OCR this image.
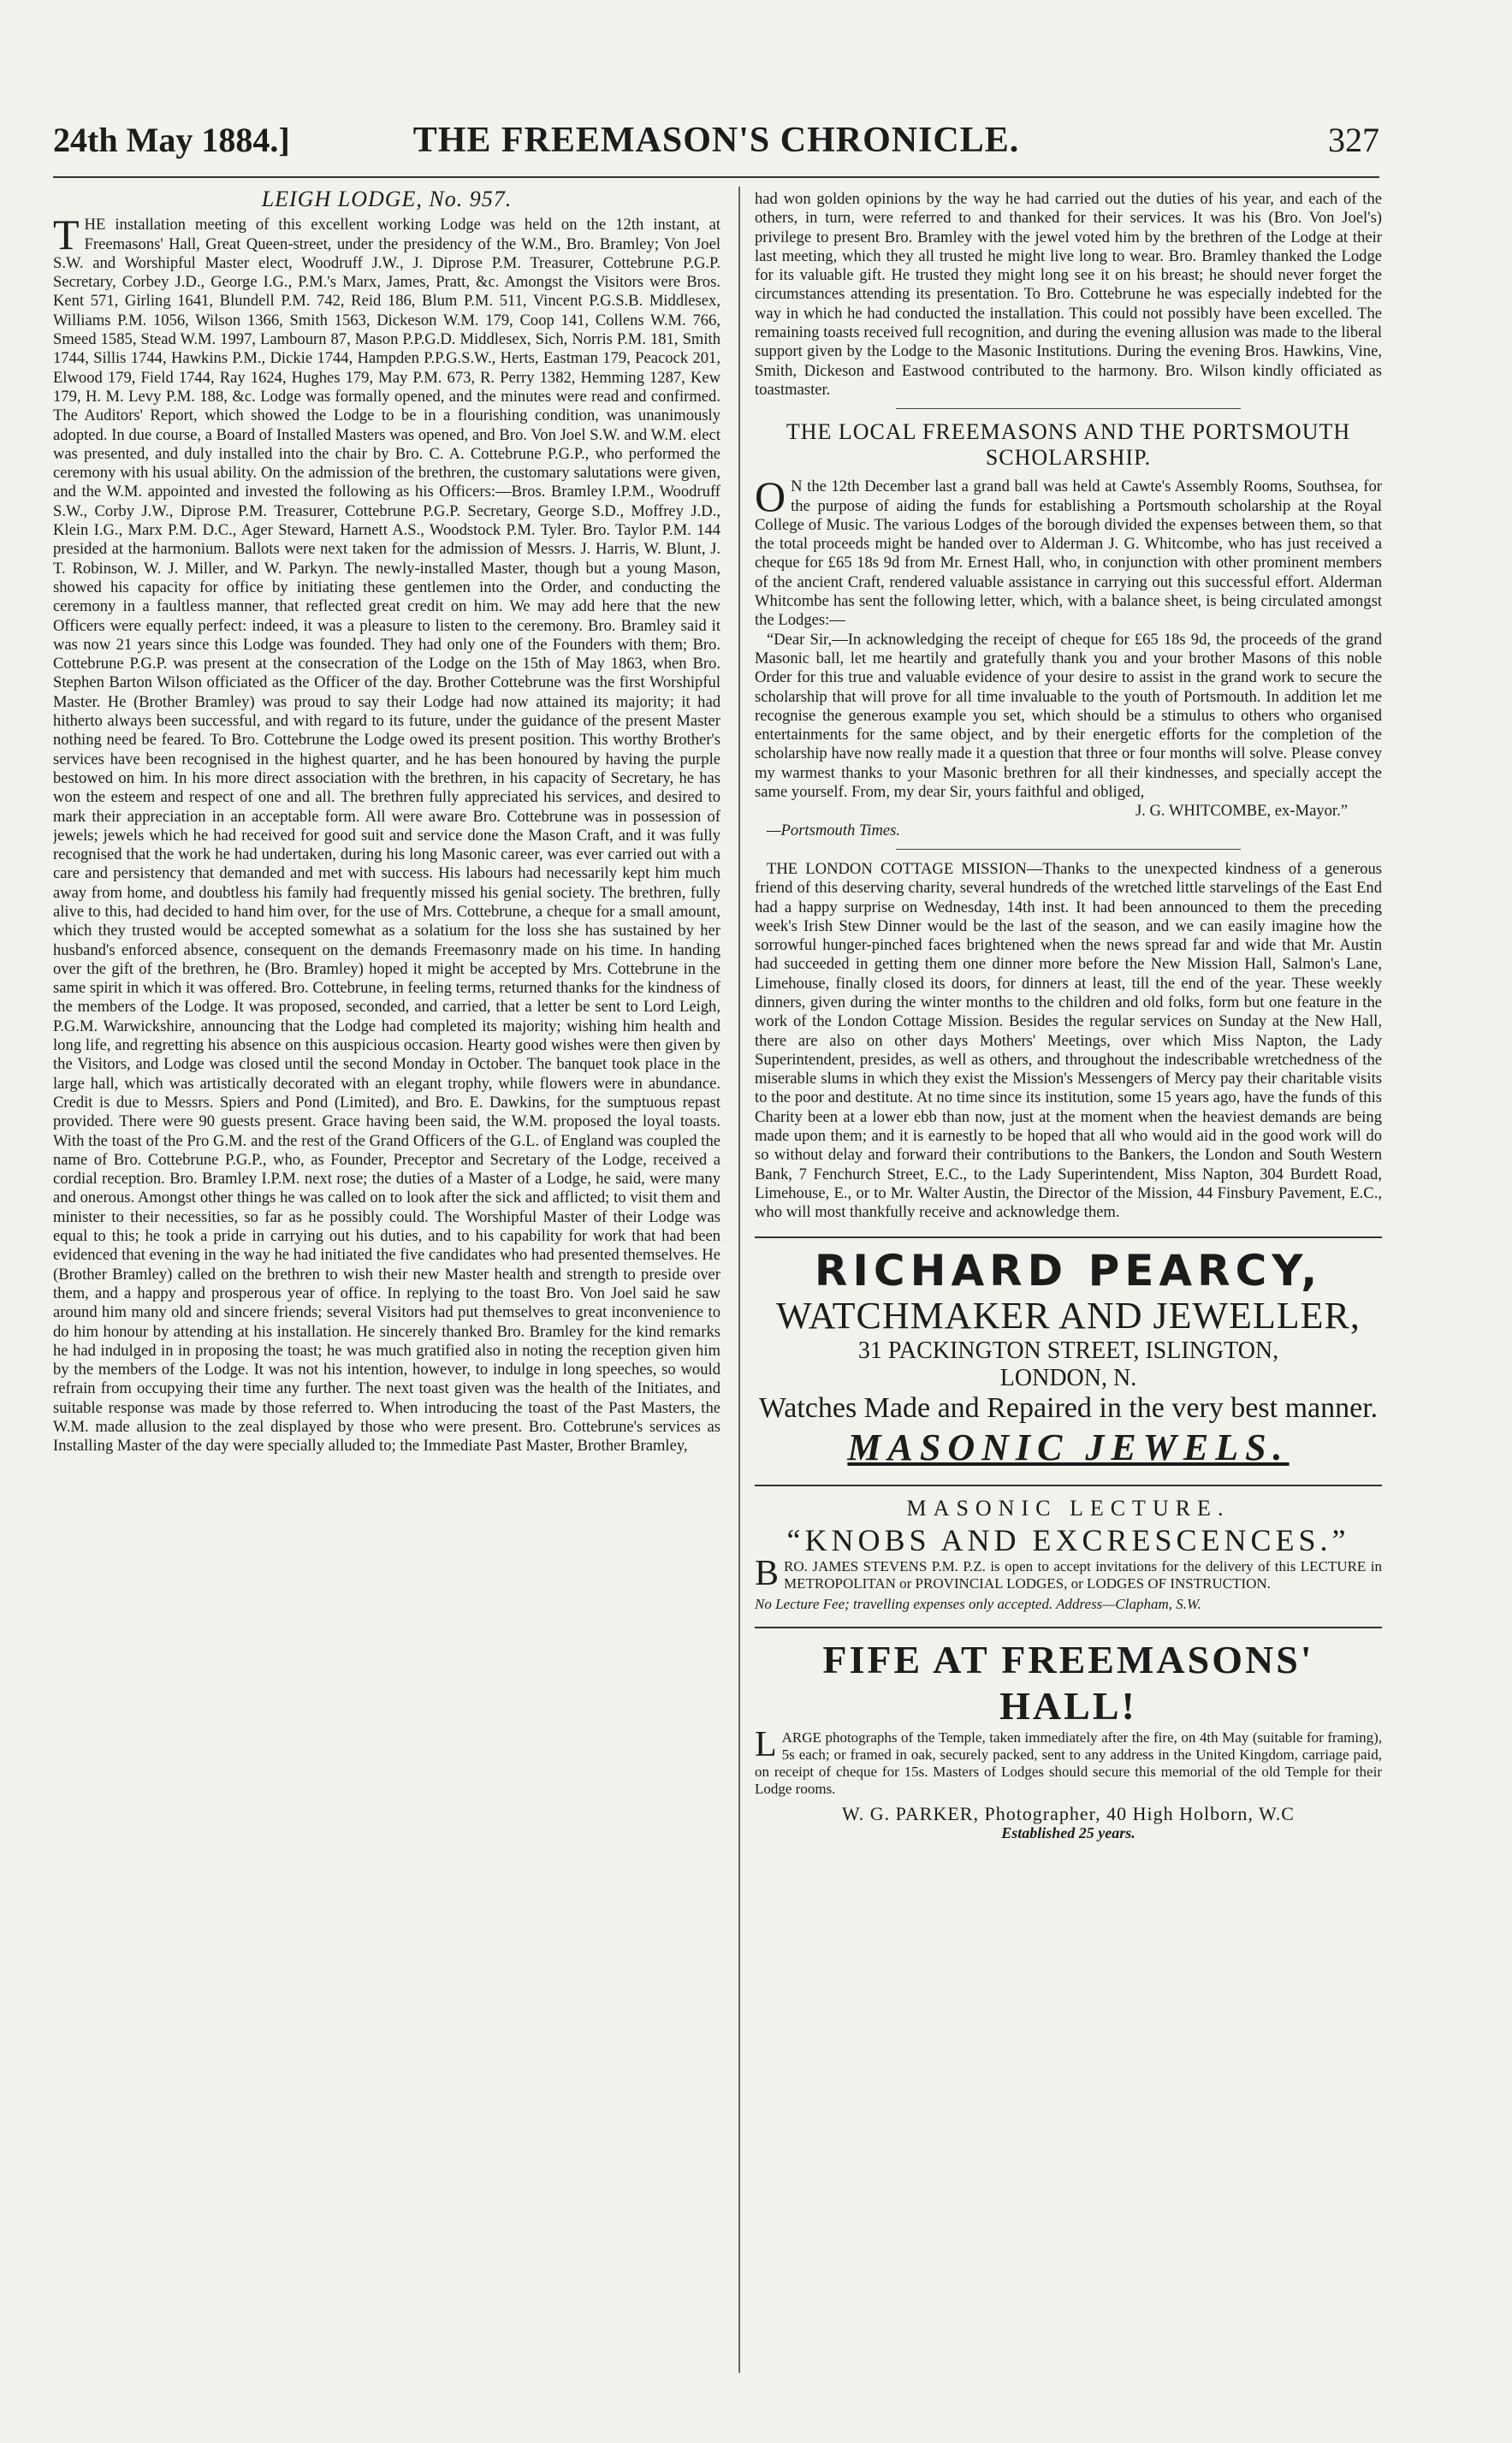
24th May 1884.]	THE FREEMASON'S CHRONICLE.	327
LEIGH LODGE, No. 957.

THE installation meeting of this excellent working Lodge was held on the 12th instant, at Freemasons' Hall, Great Queen-street, under the presidency of the W.M., Bro. Bramley; Von Joel S.W. and Worshipful Master elect, Woodruff J.W., J. Diprose P.M. Treasurer, Cottebrune P.G.P. Secretary, Corbey J.D., George I.G., P.M.'s Marx, James, Pratt, &c. Amongst the Visitors were Bros. Kent 571, Girling 1641, Blundell P.M. 742, Reid 186, Blum P.M. 511, Vincent P.G.S.B. Middlesex, Williams P.M. 1056, Wilson 1366, Smith 1563, Dickeson W.M. 179, Coop 141, Collens W.M. 766, Smeed 1585, Stead W.M. 1997, Lambourn 87, Mason P.P.G.D. Middlesex, Sich, Norris P.M. 181, Smith 1744, Sillis 1744, Hawkins P.M., Dickie 1744, Hampden P.P.G.S.W., Herts, Eastman 179, Peacock 201, Elwood 179, Field 1744, Ray 1624, Hughes 179, May P.M. 673, R. Perry 1382, Hemming 1287, Kew 179, H. M. Levy P.M. 188, &c. Lodge was formally opened, and the minutes were read and confirmed. The Auditors' Report, which showed the Lodge to be in a flourishing condition, was unanimously adopted. In due course, a Board of Installed Masters was opened, and Bro. Von Joel S.W. and W.M. elect was presented, and duly installed into the chair by Bro. C. A. Cottebrune P.G.P., who performed the ceremony with his usual ability. On the admission of the brethren, the customary salutations were given, and the W.M. appointed and invested the following as his Officers:—Bros. Bramley I.P.M., Woodruff S.W., Corby J.W., Diprose P.M. Treasurer, Cottebrune P.G.P. Secretary, George S.D., Moffrey J.D., Klein I.G., Marx P.M. D.C., Ager Steward, Harnett A.S., Woodstock P.M. Tyler. Bro. Taylor P.M. 144 presided at the harmonium. Ballots were next taken for the admission of Messrs. J. Harris, W. Blunt, J. T. Robinson, W. J. Miller, and W. Parkyn. The newly-installed Master, though but a young Mason, showed his capacity for office by initiating these gentlemen into the Order, and conducting the ceremony in a faultless manner, that reflected great credit on him. We may add here that the new Officers were equally perfect: indeed, it was a pleasure to listen to the ceremony. Bro. Bramley said it was now 21 years since this Lodge was founded. They had only one of the Founders with them; Bro. Cottebrune P.G.P. was present at the consecration of the Lodge on the 15th of May 1863, when Bro. Stephen Barton Wilson officiated as the Officer of the day. Brother Cottebrune was the first Worshipful Master. He (Brother Bramley) was proud to say their Lodge had now attained its majority; it had hitherto always been successful, and with regard to its future, under the guidance of the present Master nothing need be feared. To Bro. Cottebrune the Lodge owed its present position. This worthy Brother's services have been recognised in the highest quarter, and he has been honoured by having the purple bestowed on him. In his more direct association with the brethren, in his capacity of Secretary, he has won the esteem and respect of one and all. The brethren fully appreciated his services, and desired to mark their appreciation in an acceptable form. All were aware Bro. Cottebrune was in possession of jewels; jewels which he had received for good suit and service done the Mason Craft, and it was fully recognised that the work he had undertaken, during his long Masonic career, was ever carried out with a care and persistency that demanded and met with success. His labours had necessarily kept him much away from home, and doubtless his family had frequently missed his genial society. The brethren, fully alive to this, had decided to hand him over, for the use of Mrs. Cottebrune, a cheque for a small amount, which they trusted would be accepted somewhat as a solatium for the loss she has sustained by her husband's enforced absence, consequent on the demands Freemasonry made on his time. In handing over the gift of the brethren, he (Bro. Bramley) hoped it might be accepted by Mrs. Cottebrune in the same spirit in which it was offered. Bro. Cottebrune, in feeling terms, returned thanks for the kindness of the members of the Lodge. It was proposed, seconded, and carried, that a letter be sent to Lord Leigh, P.G.M. Warwickshire, announcing that the Lodge had completed its majority; wishing him health and long life, and regretting his absence on this auspicious occasion. Hearty good wishes were then given by the Visitors, and Lodge was closed until the second Monday in October. The banquet took place in the large hall, which was artistically decorated with an elegant trophy, while flowers were in abundance. Credit is due to Messrs. Spiers and Pond (Limited), and Bro. E. Dawkins, for the sumptuous repast provided. There were 90 guests present. Grace having been said, the W.M. proposed the loyal toasts. With the toast of the Pro G.M. and the rest of the Grand Officers of the G.L. of England was coupled the name of Bro. Cottebrune P.G.P., who, as Founder, Preceptor and Secretary of the Lodge, received a cordial reception. Bro. Bramley I.P.M. next rose; the duties of a Master of a Lodge, he said, were many and onerous. Amongst other things he was called on to look after the sick and afflicted; to visit them and minister to their necessities, so far as he possibly could. The Worshipful Master of their Lodge was equal to this; he took a pride in carrying out his duties, and to his capability for work that had been evidenced that evening in the way he had initiated the five candidates who had presented themselves. He (Brother Bramley) called on the brethren to wish their new Master health and strength to preside over them, and a happy and prosperous year of office. In replying to the toast Bro. Von Joel said he saw around him many old and sincere friends; several Visitors had put themselves to great inconvenience to do him honour by attending at his installation. He sincerely thanked Bro. Bramley for the kind remarks he had indulged in in proposing the toast; he was much gratified also in noting the reception given him by the members of the Lodge. It was not his intention, however, to indulge in long speeches, so would refrain from occupying their time any further. The next toast given was the health of the Initiates, and suitable response was made by those referred to. When introducing the toast of the Past Masters, the W.M. made allusion to the zeal displayed by those who were present. Bro. Cottebrune's services as Installing Master of the day were specially alluded to; the Immediate Past Master, Brother Bramley,

had won golden opinions by the way he had carried out the duties of his year, and each of the others, in turn, were referred to and thanked for their services. It was his (Bro. Von Joel's) privilege to present Bro. Bramley with the jewel voted him by the brethren of the Lodge at their last meeting, which they all trusted he might live long to wear. Bro. Bramley thanked the Lodge for its valuable gift. He trusted they might long see it on his breast; he should never forget the circumstances attending its presentation. To Bro. Cottebrune he was especially indebted for the way in which he had conducted the installation. This could not possibly have been excelled. The remaining toasts received full recognition, and during the evening allusion was made to the liberal support given by the Lodge to the Masonic Institutions. During the evening Bros. Hawkins, Vine, Smith, Dickeson and Eastwood contributed to the harmony. Bro. Wilson kindly officiated as toastmaster.

THE LOCAL FREEMASONS AND THE PORTSMOUTH SCHOLARSHIP.

O N the 12th December last a grand ball was held at Cawte's Assembly Rooms, Southsea, for the purpose of aiding the funds for establishing a Portsmouth scholarship at the Royal College of Music. The various Lodges of the borough divided the expenses between them, so that the total proceeds might be handed over to Alderman J. G. Whitcombe, who has just received a cheque for £65 18s 9d from Mr. Ernest Hall, who, in conjunction with other prominent members of the ancient Craft, rendered valuable assistance in carrying out this successful effort. Alderman Whitcombe has sent the following letter, which, with a balance sheet, is being circulated amongst the Lodges:—

“Dear Sir,—In acknowledging the receipt of cheque for £65 18s 9d, the proceeds of the grand Masonic ball, let me heartily and gratefully thank you and your brother Masons of this noble Order for this true and valuable evidence of your desire to assist in the grand work to secure the scholarship that will prove for all time invaluable to the youth of Portsmouth. In addition let me recognise the generous example you set, which should be a stimulus to others who organised entertainments for the same object, and by their energetic efforts for the completion of the scholarship have now really made it a question that three or four months will solve. Please convey my warmest thanks to your Masonic brethren for all their kindnesses, and specially accept the same yourself. From, my dear Sir, yours faithful and obliged,

J. G. WHITCOMBE, ex-Mayor.”

—Portsmouth Times.

THE LONDON COTTAGE MISSION—Thanks to the unexpected kindness of a generous friend of this deserving charity, several hundreds of the wretched little starvelings of the East End had a happy surprise on Wednesday, 14th inst. It had been announced to them the preceding week's Irish Stew Dinner would be the last of the season, and we can easily imagine how the sorrowful hunger-pinched faces brightened when the news spread far and wide that Mr. Austin had succeeded in getting them one dinner more before the New Mission Hall, Salmon's Lane, Limehouse, finally closed its doors, for dinners at least, till the end of the year. These weekly dinners, given during the winter months to the children and old folks, form but one feature in the work of the London Cottage Mission. Besides the regular services on Sunday at the New Hall, there are also on other days Mothers' Meetings, over which Miss Napton, the Lady Superintendent, presides, as well as others, and throughout the indescribable wretchedness of the miserable slums in which they exist the Mission's Messengers of Mercy pay their charitable visits to the poor and destitute. At no time since its institution, some 15 years ago, have the funds of this Charity been at a lower ebb than now, just at the moment when the heaviest demands are being made upon them; and it is earnestly to be hoped that all who would aid in the good work will do so without delay and forward their contributions to the Bankers, the London and South Western Bank, 7 Fenchurch Street, E.C., to the Lady Superintendent, Miss Napton, 304 Burdett Road, Limehouse, E., or to Mr. Walter Austin, the Director of the Mission, 44 Finsbury Pavement, E.C., who will most thankfully receive and acknowledge them.

RICHARD PEARCY,
WATCHMAKER AND JEWELLER,
31 PACKINGTON STREET, ISLINGTON,
LONDON, N.
Watches Made and Repaired in the very best manner.
MASONIC JEWELS.
MASONIC LECTURE.
“KNOBS AND EXCRESCENCES.”
BRO. JAMES STEVENS P.M. P.Z. is open to accept invitations for the delivery of this LECTURE in METROPOLITAN or PROVINCIAL LODGES, or LODGES OF INSTRUCTION.
No Lecture Fee; travelling expenses only accepted. Address—Clapham, S.W.
FIFE AT FREEMASONS' HALL!
LARGE photographs of the Temple, taken immediately after the fire, on 4th May (suitable for framing), 5s each; or framed in oak, securely packed, sent to any address in the United Kingdom, carriage paid, on receipt of cheque for 15s. Masters of Lodges should secure this memorial of the old Temple for their Lodge rooms.
W. G. PARKER, Photographer, 40 High Holborn, W.C
Established 25 years.
